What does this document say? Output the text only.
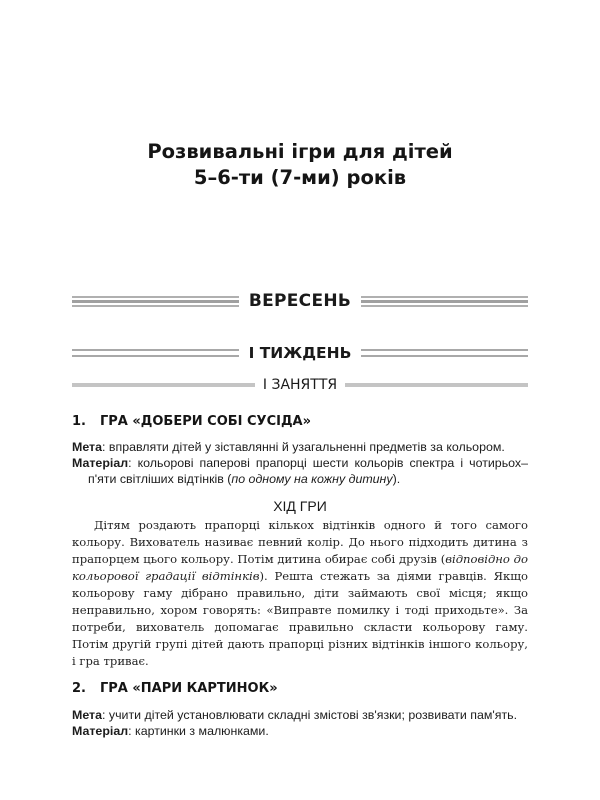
Розвивальні ігри для дітей
5–6-ти (7-ми) років
ВЕРЕСЕНЬ
І ТИЖДЕНЬ
І ЗАНЯТТЯ
1. ГРА «ДОБЕРИ СОБІ СУСІДА»

Мета: вправляти дітей у зіставлянні й узагальненні предметів за кольором.

Матеріал: кольорові паперові прапорці шести кольорів спектра і чотирьох–п'яти світліших відтінків (по одному на кожну дитину).

ХІД ГРИ
Дітям роздають прапорці кількох відтінків одного й того самого кольору. Вихователь називає певний колір. До нього підходить дитина з прапорцем цього кольору. Потім дитина обирає собі друзів (відповідно до кольорової градації відтінків). Решта стежать за діями гравців. Якщо кольорову гаму дібрано правильно, діти займають свої місця; якщо неправильно, хором говорять: «Виправте помилку і тоді приходьте». За потреби, вихователь допомагає правильно скласти кольорову гаму. Потім другій групі дітей дають прапорці різних відтінків іншого кольору, і гра триває.
2. ГРА «ПАРИ КАРТИНОК»

Мета: учити дітей установлювати складні змістові зв'язки; розвивати пам'ять.

Матеріал: картинки з малюнками.
